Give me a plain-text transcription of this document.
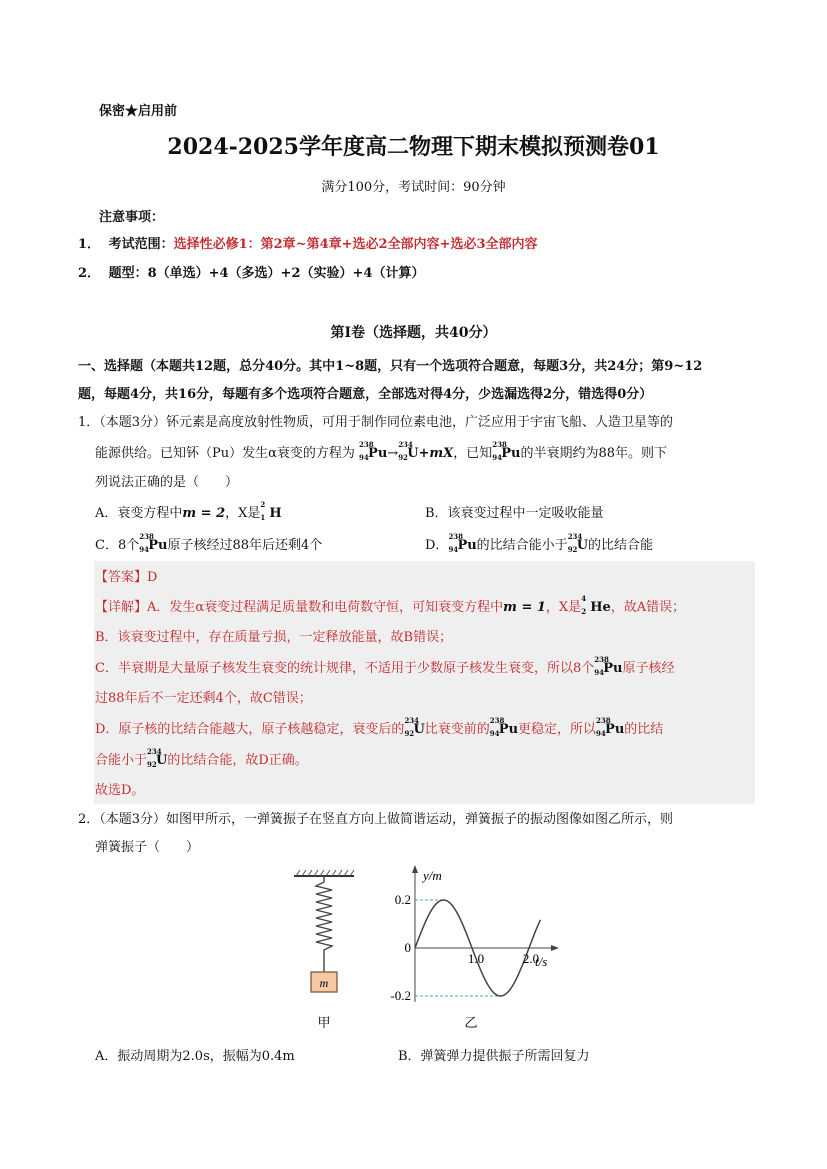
保密★启用前
2024-2025学年度高二物理下期末模拟预测卷01
满分100分，考试时间：90分钟
注意事项：
1． 考试范围：选择性必修1：第2章~第4章+选必2全部内容+选必3全部内容
2． 题型：8（单选）+4（多选）+2（实验）+4（计算）
第I卷（选择题，共40分）
一、选择题（本题共12题，总分40分。其中1~8题，只有一个选项符合题意，每题3分，共24分；第9~12
题，每题4分，共16分，每题有多个选项符合题意，全部选对得4分，少选漏选得2分，错选得0分）
1．（本题3分）钚元素是高度放射性物质，可用于制作同位素电池，广泛应用于宇宙飞船、人造卫星等的
能源供给。已知钚（Pu）发生α衰变的方程为
238
94 Pu→
234
92 U+mX，已知
238
94 Pu的半衰期约为88年。则下
列说法正确的是（　　）
A．衰变方程中m = 2，X是
2
1 H	B．该衰变过程中一定吸收能量
C．8个
238
94 Pu原子核经过88年后还剩4个	D．
238
94 Pu的比结合能小于
234
92 U的比结合能
【答案】D
【详解】A．发生α衰变过程满足质量数和电荷数守恒，可知衰变方程中m = 1，X是
4
2 He，故A错误；
B．该衰变过程中，存在质量亏损，一定释放能量，故B错误；
C．半衰期是大量原子核发生衰变的统计规律，不适用于少数原子核发生衰变，所以8个
238
94 Pu原子核经
过88年后不一定还剩4个，故C错误；
D．原子核的比结合能越大，原子核越稳定，衰变后的
234
92 U比衰变前的
238
94 Pu更稳定，所以
238
94 Pu的比结
合能小于
234
92 U的比结合能，故D正确。
故选D。
2．（本题3分）如图甲所示，一弹簧振子在竖直方向上做简谐运动，弹簧振子的振动图像如图乙所示，则
弹簧振子（　　）
m
甲
y/m
t/s
0.2
0
-0.2
1.0	2.0
乙
A．振动周期为2.0s，振幅为0.4m	B．弹簧弹力提供振子所需回复力
